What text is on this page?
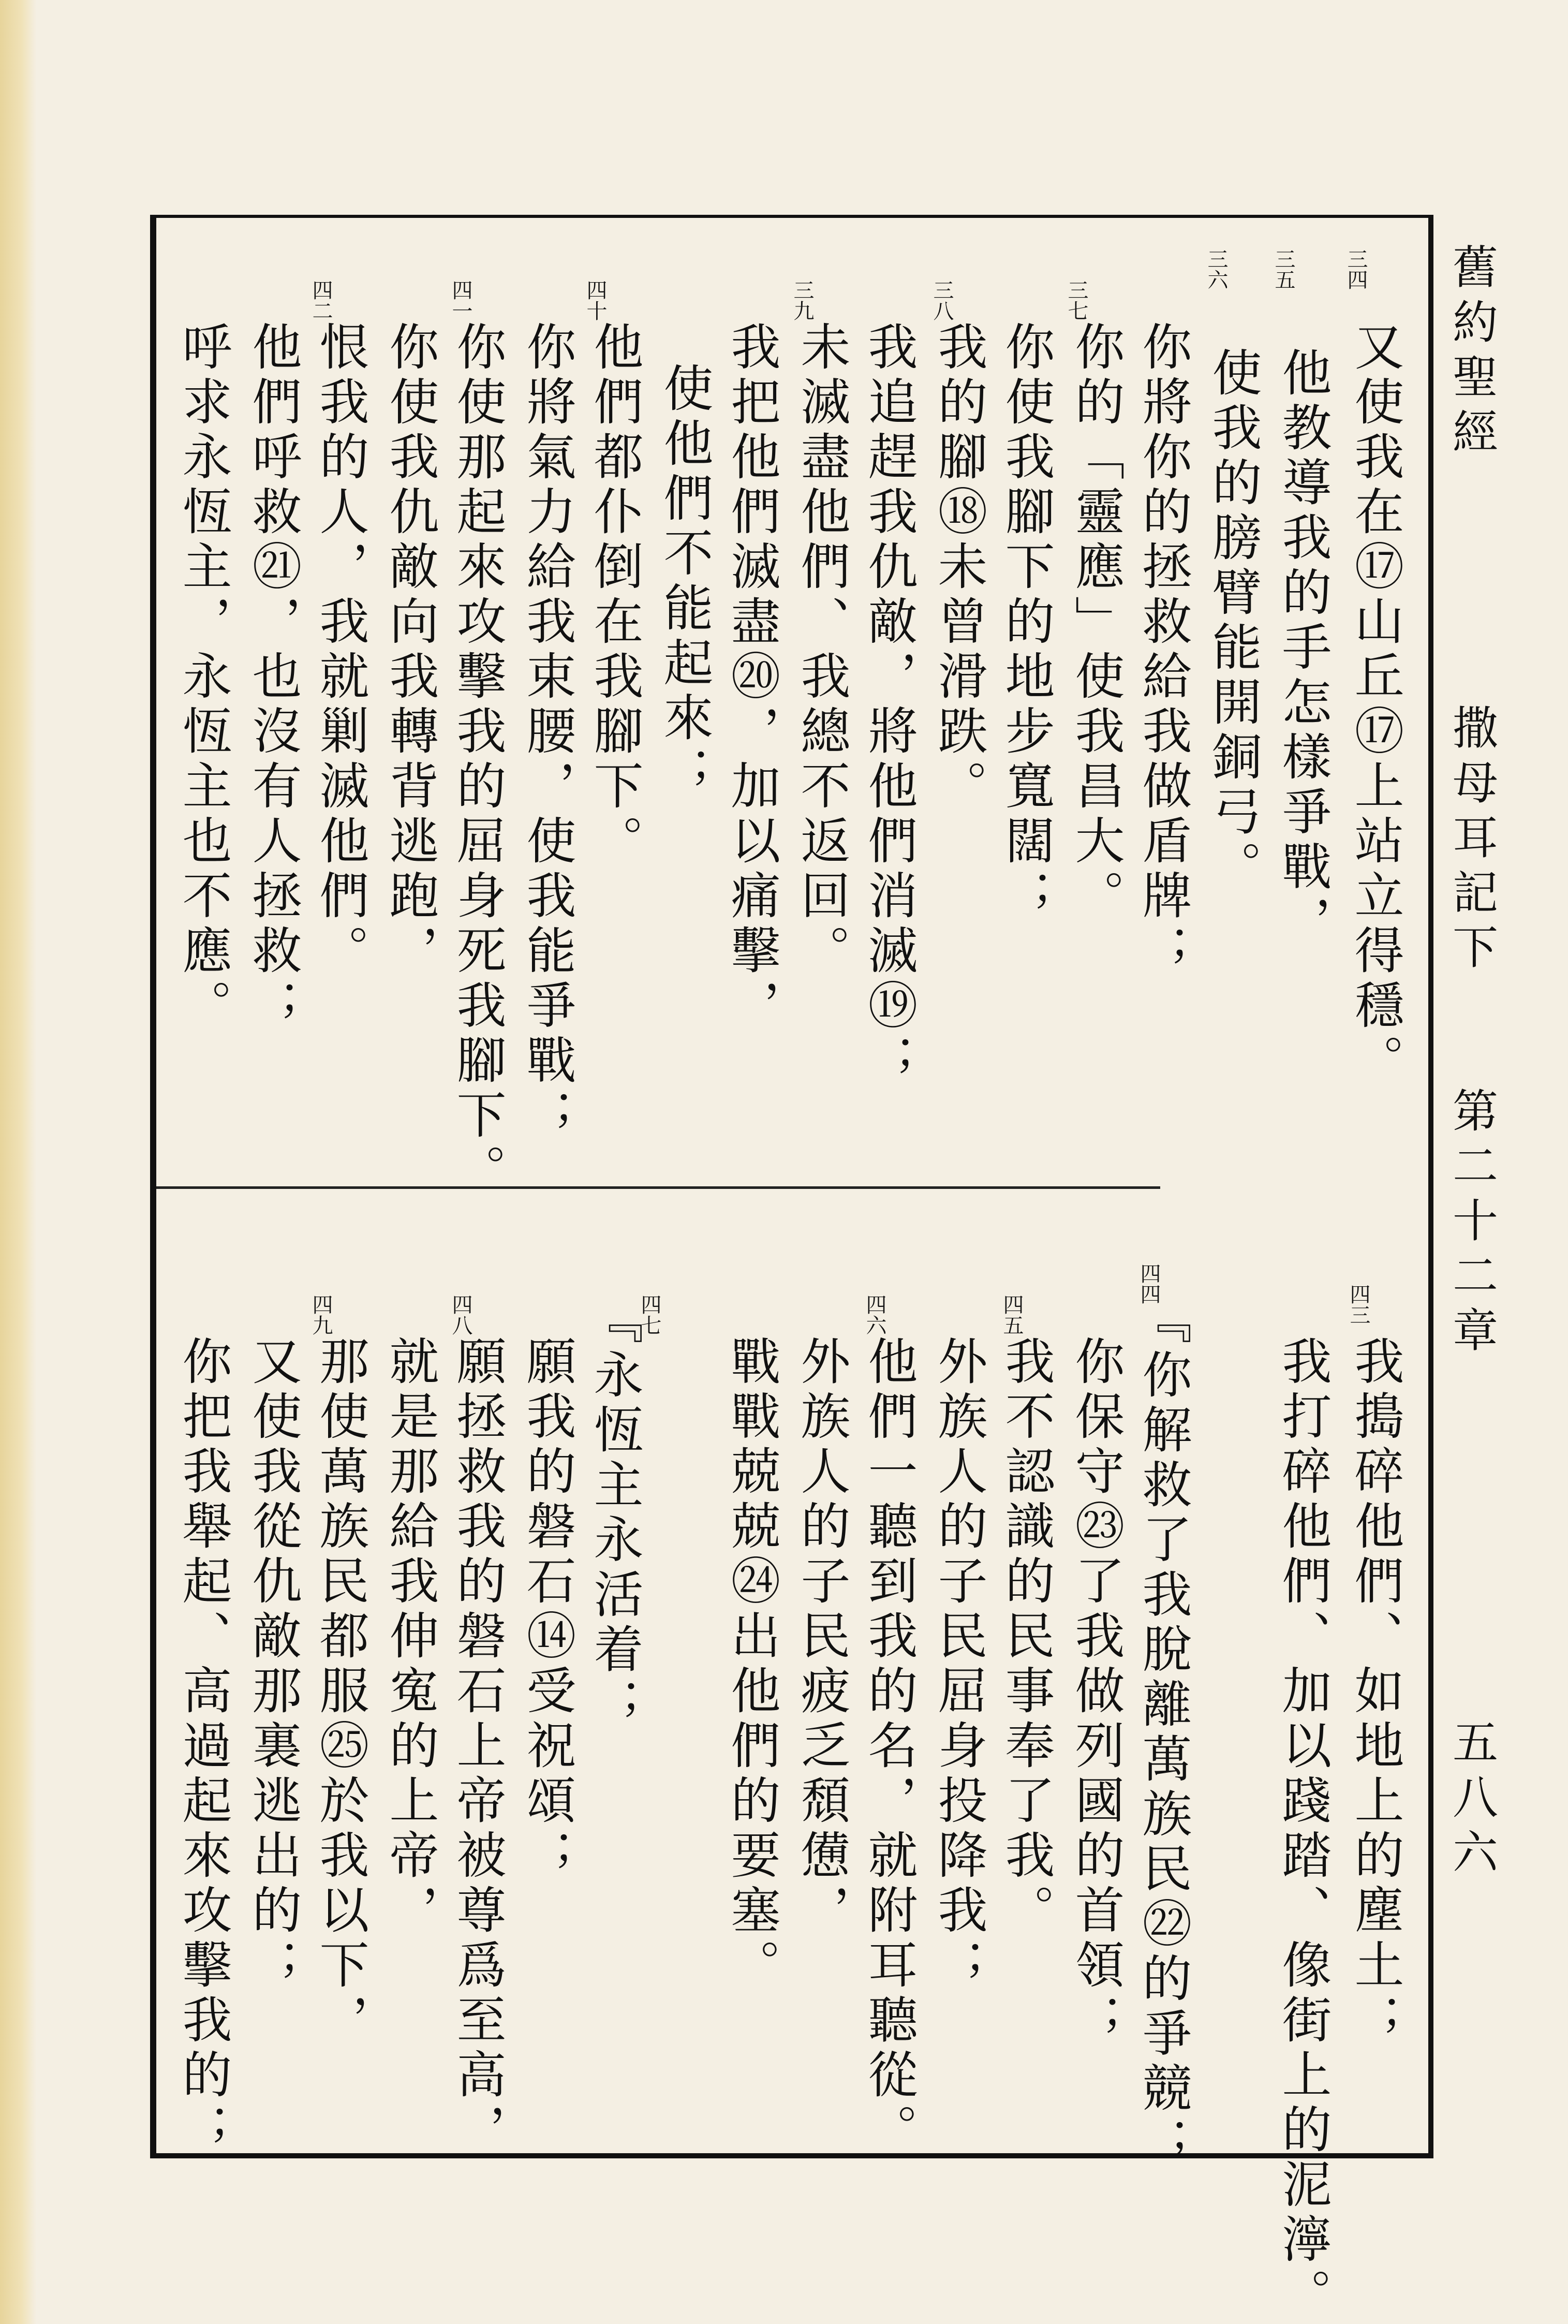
舊約聖經
撒母耳記下
第二十二章
五八六
又使我在⑰山丘⑰上站立得穩。
他教導我的手怎樣爭戰，
使我的膀臂能開銅弓。
你將你的拯救給我做盾牌；
你的「靈應」使我昌大。
你使我腳下的地步寬闊；
我的腳⑱未曾滑跌。
我追趕我仇敵，將他們消滅⑲；
未滅盡他們、我總不返回。
我把他們滅盡⑳，加以痛擊，
使他們不能起來；
他們都仆倒在我腳下。
你將氣力給我束腰，使我能爭戰；
你使那起來攻擊我的屈身死我腳下。
你使我仇敵向我轉背逃跑，
恨我的人，我就剿滅他們。
他們呼救㉑，也沒有人拯救；
呼求永恆主，永恆主也不應。
三四
三五
三六
三七
三八
三九
四十
四一
四二
我搗碎他們、如地上的塵土；
我打碎他們、加以踐踏、像街上的泥濘。
『你解救了我脫離萬族民㉒的爭競；
你保守㉓了我做列國的首領；
我不認識的民事奉了我。
外族人的子民屈身投降我；
他們一聽到我的名，就附耳聽從。
外族人的子民疲乏頹憊，
戰戰兢兢㉔出他們的要塞。
『永恆主永活着；
願我的磐石⑭受祝頌；
願拯救我的磐石上帝被尊爲至高，
就是那給我伸寃的上帝，
那使萬族民都服㉕於我以下，
又使我從仇敵那裏逃出的；
你把我舉起、高過起來攻擊我的；
四三
四四
四五
四六
四七
四八
四九
